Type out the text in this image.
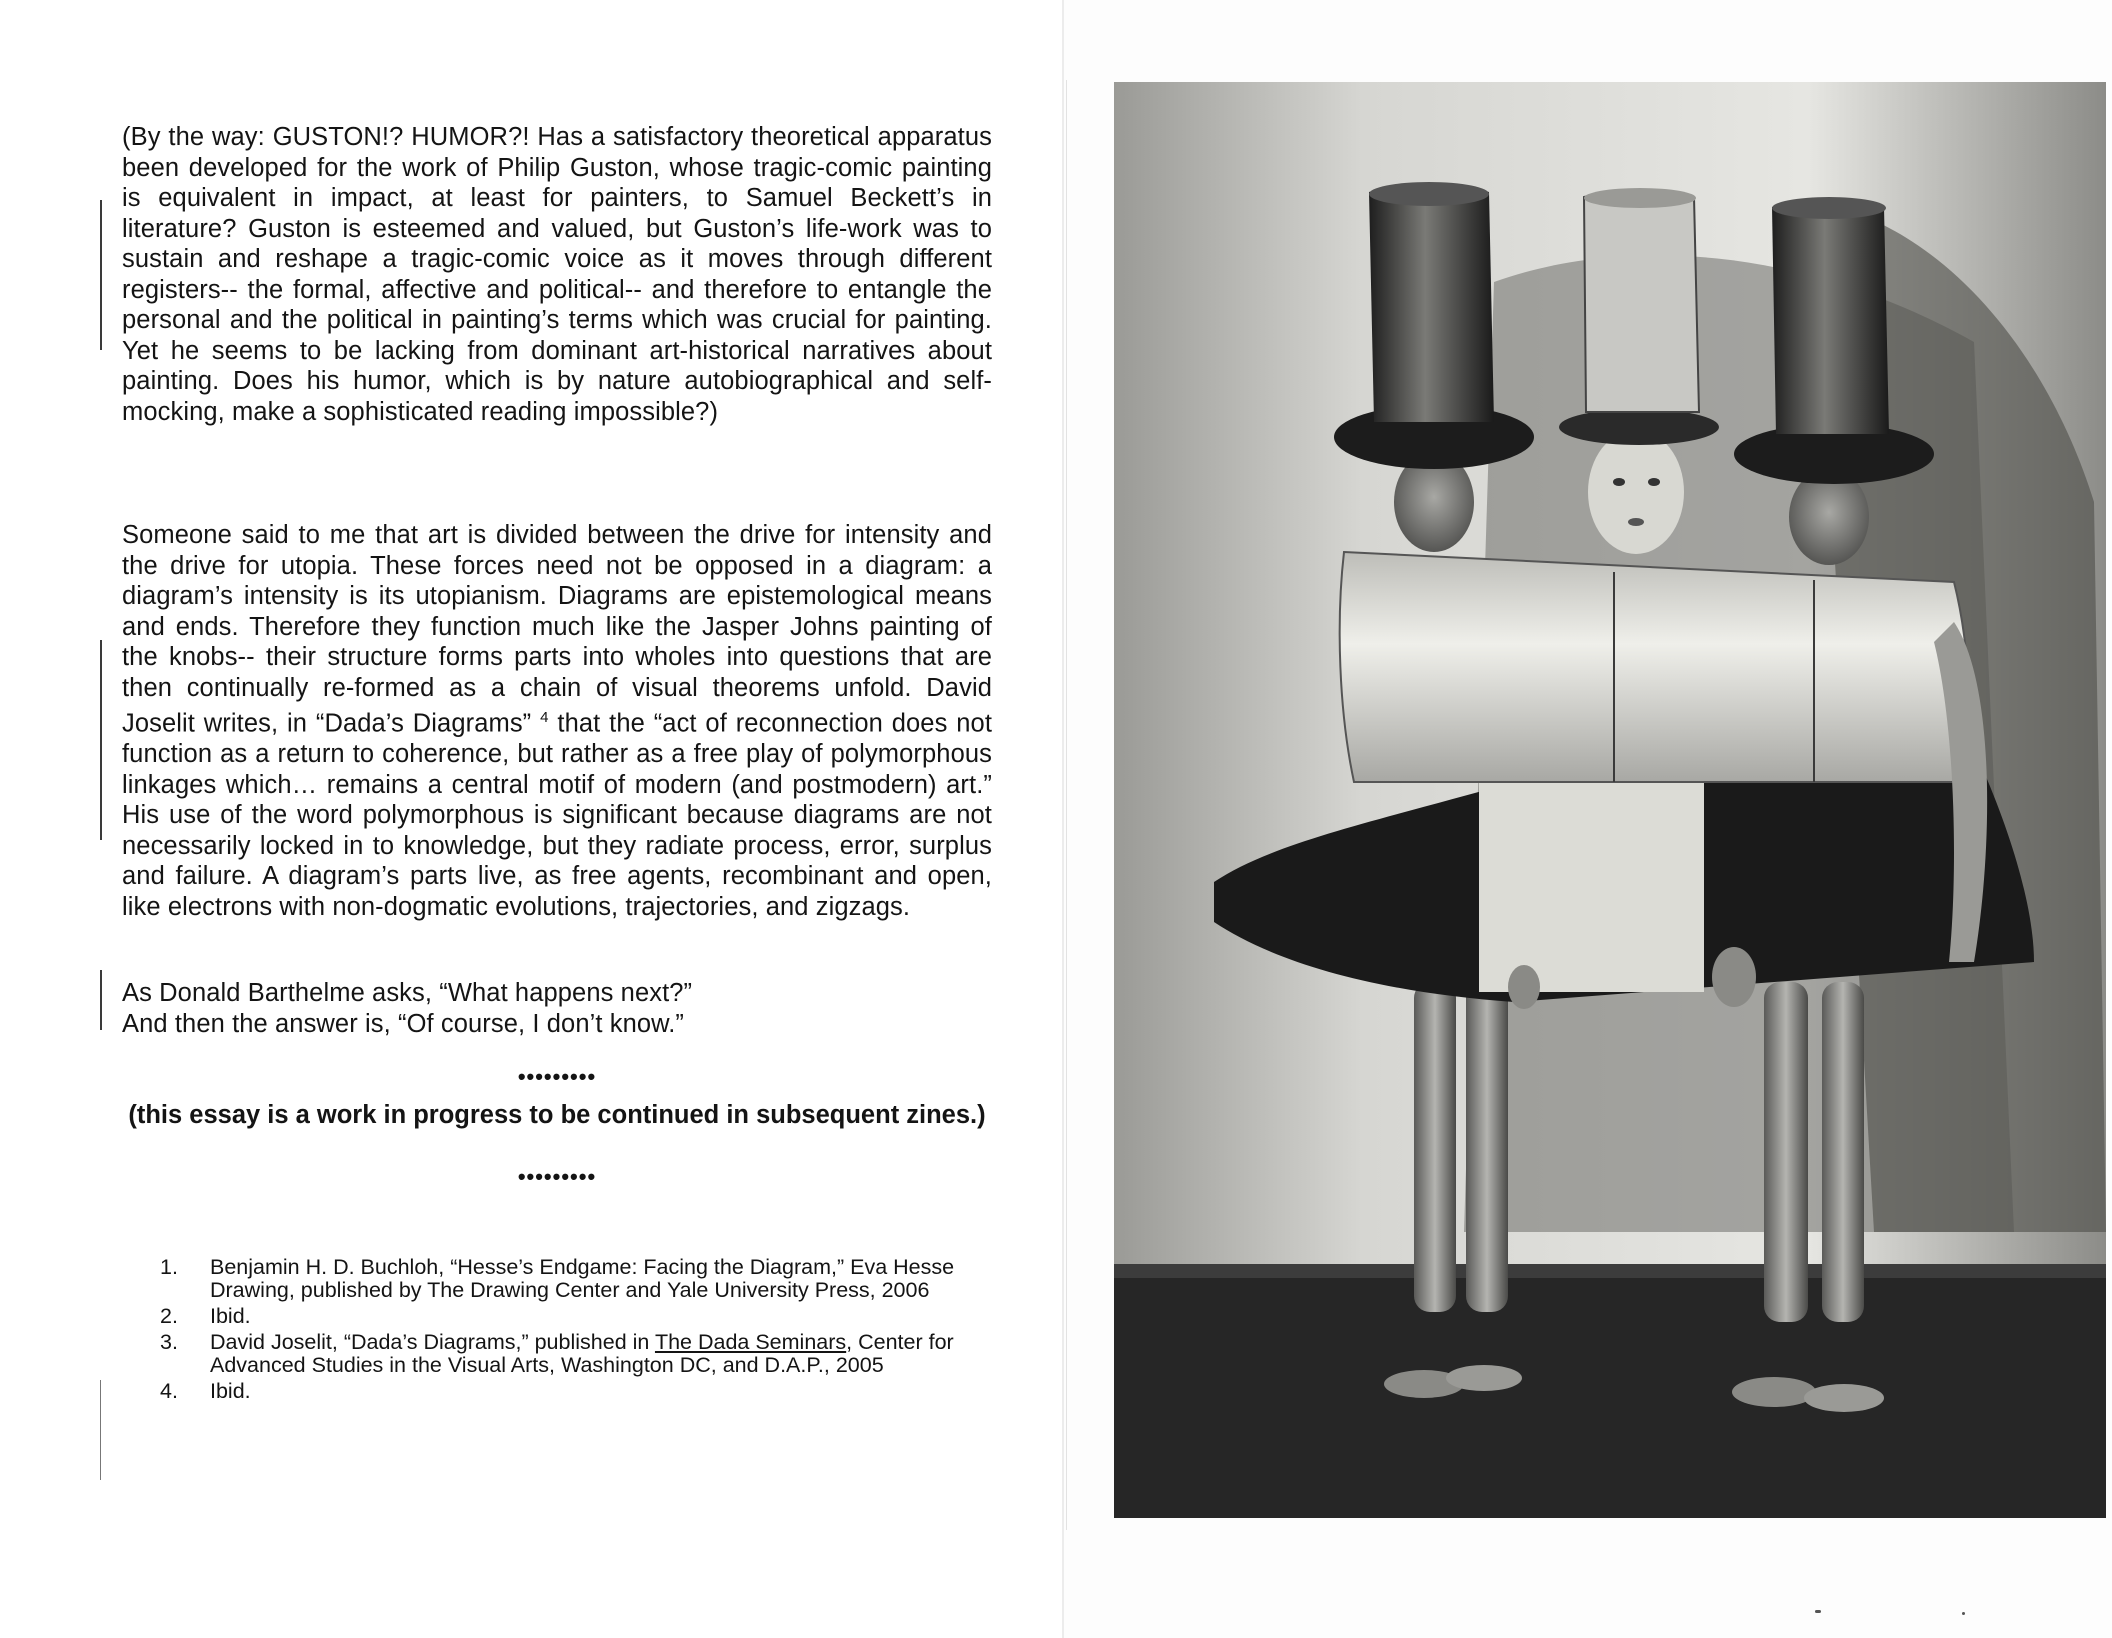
(By the way: GUSTON!? HUMOR?! Has a satisfactory theoretical apparatus been developed for the work of Philip Guston, whose tragic-comic painting is equivalent in impact, at least for painters, to Samuel Beckett’s in literature? Guston is esteemed and valued, but Guston’s life-work was to sustain and reshape a tragic-comic voice as it moves through different registers-- the formal, affective and political-- and therefore to entangle the personal and the political in painting’s terms which was crucial for painting. Yet he seems to be lacking from dominant art-historical narratives about painting. Does his humor, which is by nature autobiographical and self-mocking, make a sophisticated reading impossible?)

Someone said to me that art is divided between the drive for intensity and the drive for utopia. These forces need not be opposed in a diagram: a diagram’s intensity is its utopianism. Diagrams are epistemological means and ends. Therefore they function much like the Jasper Johns painting of the knobs-- their structure forms parts into wholes into questions that are then continually re-formed as a chain of visual theorems unfold. David Joselit writes, in “Dada’s Diagrams” $^4$ that the “act of reconnection does not function as a return to coherence, but rather as a free play of polymorphous linkages which… remains a central motif of modern (and postmodern) art.” His use of the word polymorphous is significant because diagrams are not necessarily locked in to knowledge, but they radiate process, error, surplus and failure. A diagram’s parts live, as free agents, recombinant and open, like electrons with non-dogmatic evolutions, trajectories, and zigzags.

As Donald Barthelme asks, “What happens next?”
And then the answer is, “Of course, I don’t know.”

•••••••••
(this essay is a work in progress to be continued in subsequent zines.)
•••••••••
1. Benjamin H. D. Buchloh, “Hesse’s Endgame: Facing the Diagram,” Eva Hesse Drawing, published by The Drawing Center and Yale University Press, 2006
2. Ibid.
3. David Joselit, “Dada’s Diagrams,” published in The Dada Seminars, Center for Advanced Studies in the Visual Arts, Washington DC, and D.A.P., 2005
4. Ibid.
